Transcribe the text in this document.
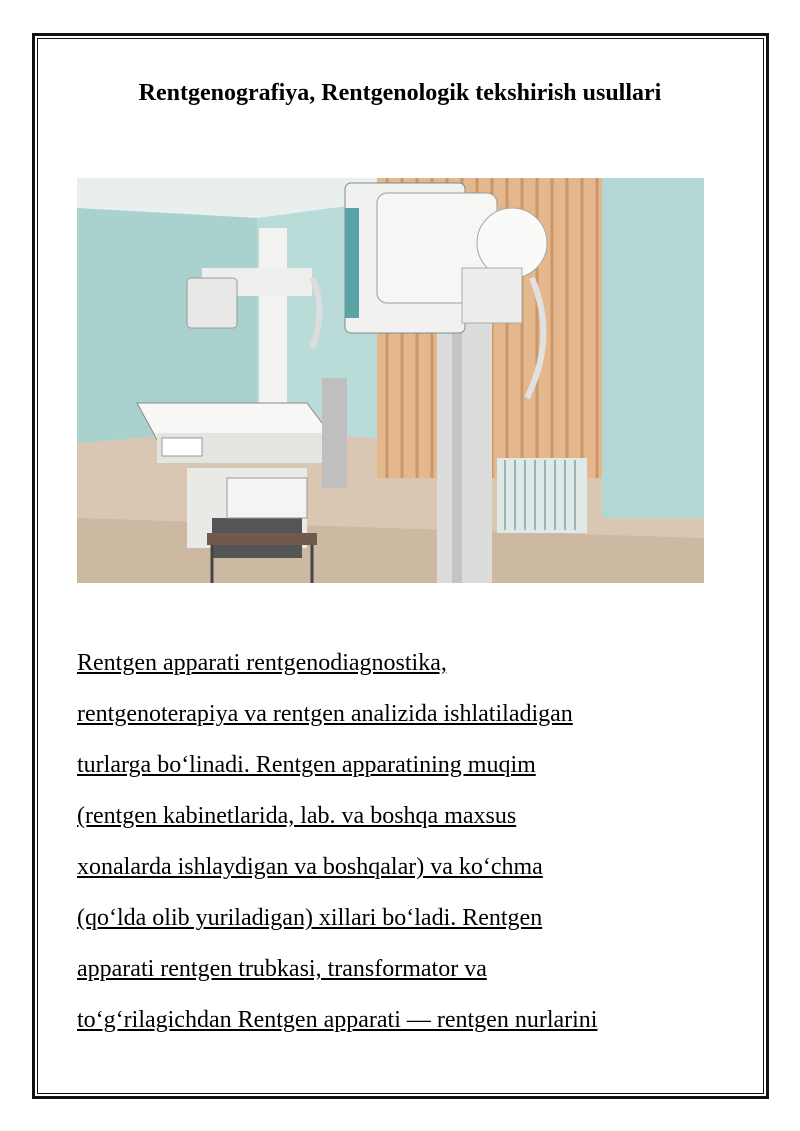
Rentgenografiya, Rentgenologik tekshirish usullari
Rentgen apparati rentgenodiagnostika,
rentgenoterapiya va rentgen analizida ishlatiladigan
turlarga bo‘linadi. Rentgen apparatining muqim
(rentgen kabinetlarida, lab. va boshqa maxsus
xonalarda ishlaydigan va boshqalar) va ko‘chma
(qo‘lda olib yuriladigan) xillari bo‘ladi. Rentgen
apparati rentgen trubkasi, transformator va
to‘g‘rilagichdan Rentgen apparati — rentgen nurlarini
